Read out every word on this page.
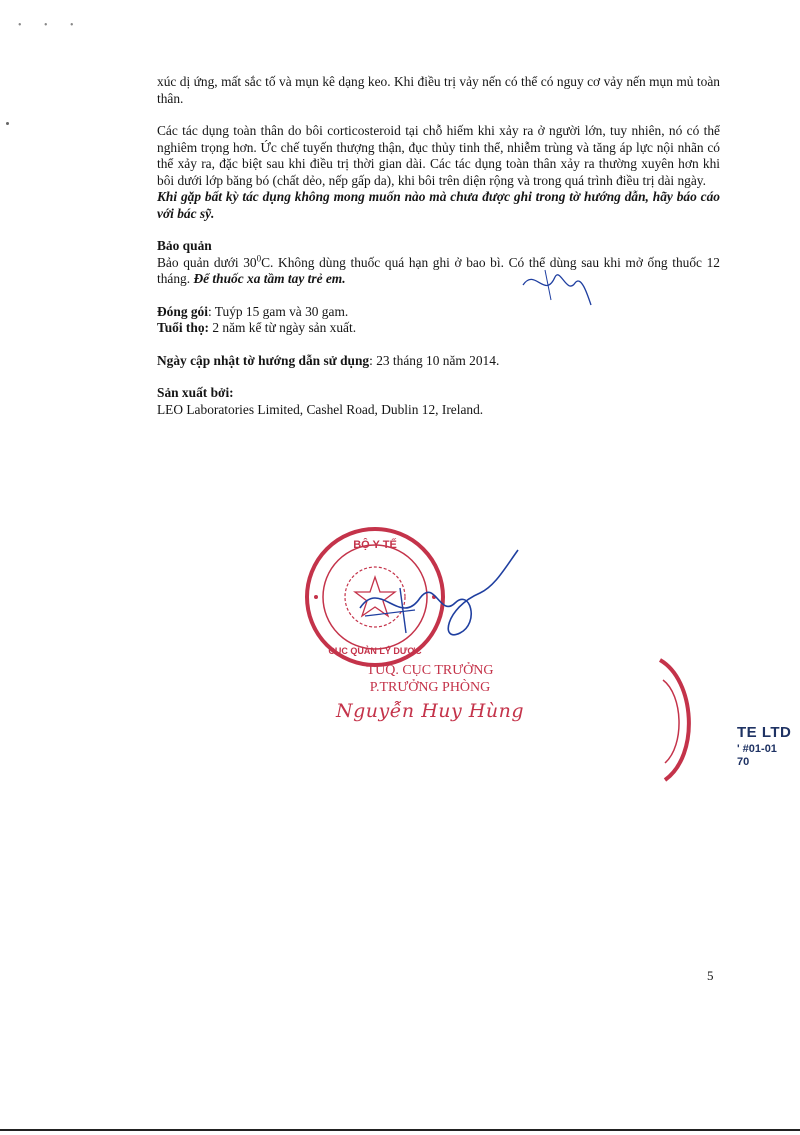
• • •

xúc dị ứng, mất sắc tố và mụn kê dạng keo. Khi điều trị vảy nến có thể có nguy cơ vảy nến mụn mủ toàn thân.

Các tác dụng toàn thân do bôi corticosteroid tại chỗ hiếm khi xảy ra ở người lớn, tuy nhiên, nó có thể nghiêm trọng hơn. Ức chế tuyến thượng thận, đục thủy tinh thể, nhiễm trùng và tăng áp lực nội nhãn có thể xảy ra, đặc biệt sau khi điều trị thời gian dài. Các tác dụng toàn thân xảy ra thường xuyên hơn khi bôi dưới lớp băng bó (chất dẻo, nếp gấp da), khi bôi trên diện rộng và trong quá trình điều trị dài ngày.

Khi gặp bất kỳ tác dụng không mong muốn nào mà chưa được ghi trong tờ hướng dẫn, hãy báo cáo với bác sỹ.

Bảo quản

Bảo quản dưới $30^0C$. Không dùng thuốc quá hạn ghi ở bao bì. Có thể dùng sau khi mở ống thuốc 12 tháng. Để thuốc xa tầm tay trẻ em.

Đóng gói: Tuýp 15 gam và 30 gam.
Tuổi thọ: 2 năm kể từ ngày sản xuất.
Ngày cập nhật tờ hướng dẫn sử dụng: 23 tháng 10 năm 2014.
Sản xuất bởi:
LEO Laboratories Limited, Cashel Road, Dublin 12, Ireland.
BỘ Y TẾ
CỤC QUẢN LÝ DƯỢC
TUQ. CỤC TRƯỞNG
P.TRƯỞNG PHÒNG
Nguyễn Huy Hùng
TE LTD
' #01-01
70
5
